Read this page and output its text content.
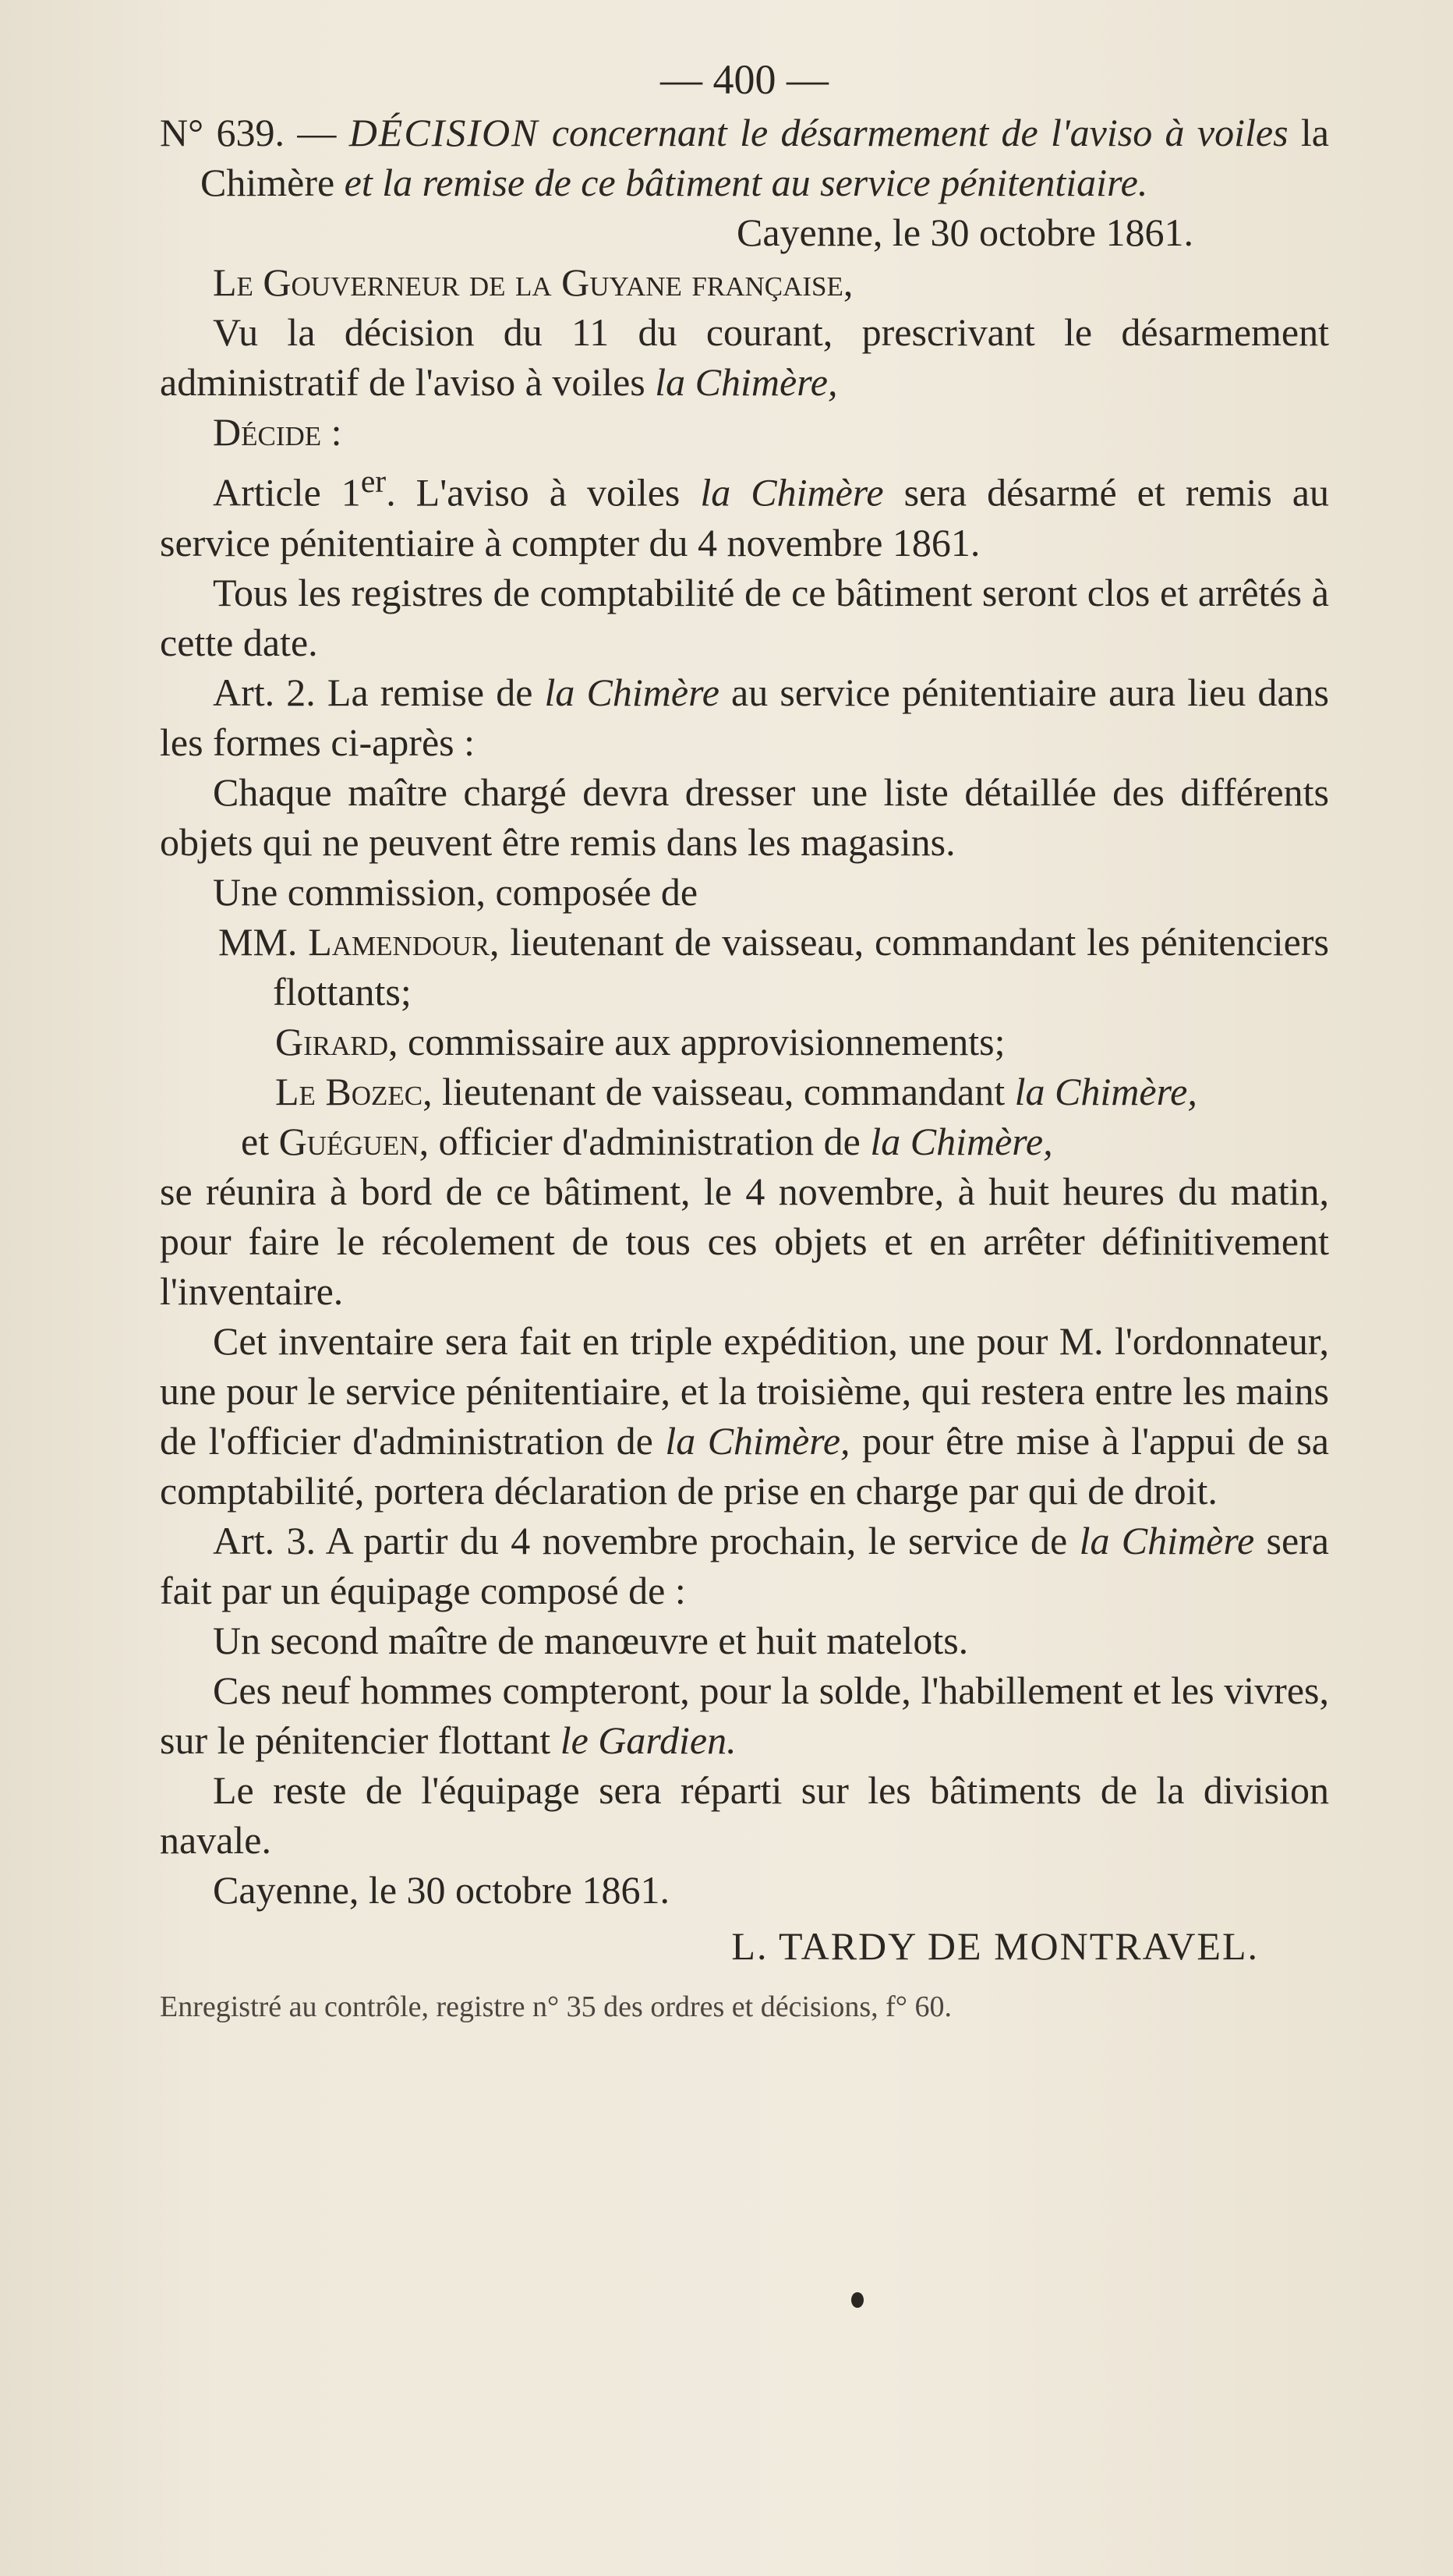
— 400 —

N° 639. — DÉCISION concernant le désarmement de l'aviso à voiles la Chimère et la remise de ce bâtiment au service pénitentiaire.

Cayenne, le 30 octobre 1861.

Le Gouverneur de la Guyane française,

Vu la décision du 11 du courant, prescrivant le désarmement administratif de l'aviso à voiles la Chimère,

Décide :

Article 1er. L'aviso à voiles la Chimère sera désarmé et remis au service pénitentiaire à compter du 4 novembre 1861.

Tous les registres de comptabilité de ce bâtiment seront clos et arrêtés à cette date.

Art. 2. La remise de la Chimère au service pénitentiaire aura lieu dans les formes ci-après :

Chaque maître chargé devra dresser une liste détaillée des différents objets qui ne peuvent être remis dans les magasins.

Une commission, composée de

MM. Lamendour, lieutenant de vaisseau, commandant les pénitenciers flottants;

Girard, commissaire aux approvisionnements;

Le Bozec, lieutenant de vaisseau, commandant la Chimère,

et Guéguen, officier d'administration de la Chimère,

se réunira à bord de ce bâtiment, le 4 novembre, à huit heures du matin, pour faire le récolement de tous ces objets et en arrêter définitivement l'inventaire.

Cet inventaire sera fait en triple expédition, une pour M. l'ordonnateur, une pour le service pénitentiaire, et la troisième, qui restera entre les mains de l'officier d'administration de la Chimère, pour être mise à l'appui de sa comptabilité, portera déclaration de prise en charge par qui de droit.

Art. 3. A partir du 4 novembre prochain, le service de la Chimère sera fait par un équipage composé de :

Un second maître de manœuvre et huit matelots.

Ces neuf hommes compteront, pour la solde, l'habillement et les vivres, sur le pénitencier flottant le Gardien.

Le reste de l'équipage sera réparti sur les bâtiments de la division navale.

Cayenne, le 30 octobre 1861.

L. TARDY DE MONTRAVEL.

Enregistré au contrôle, registre n° 35 des ordres et décisions, f° 60.
